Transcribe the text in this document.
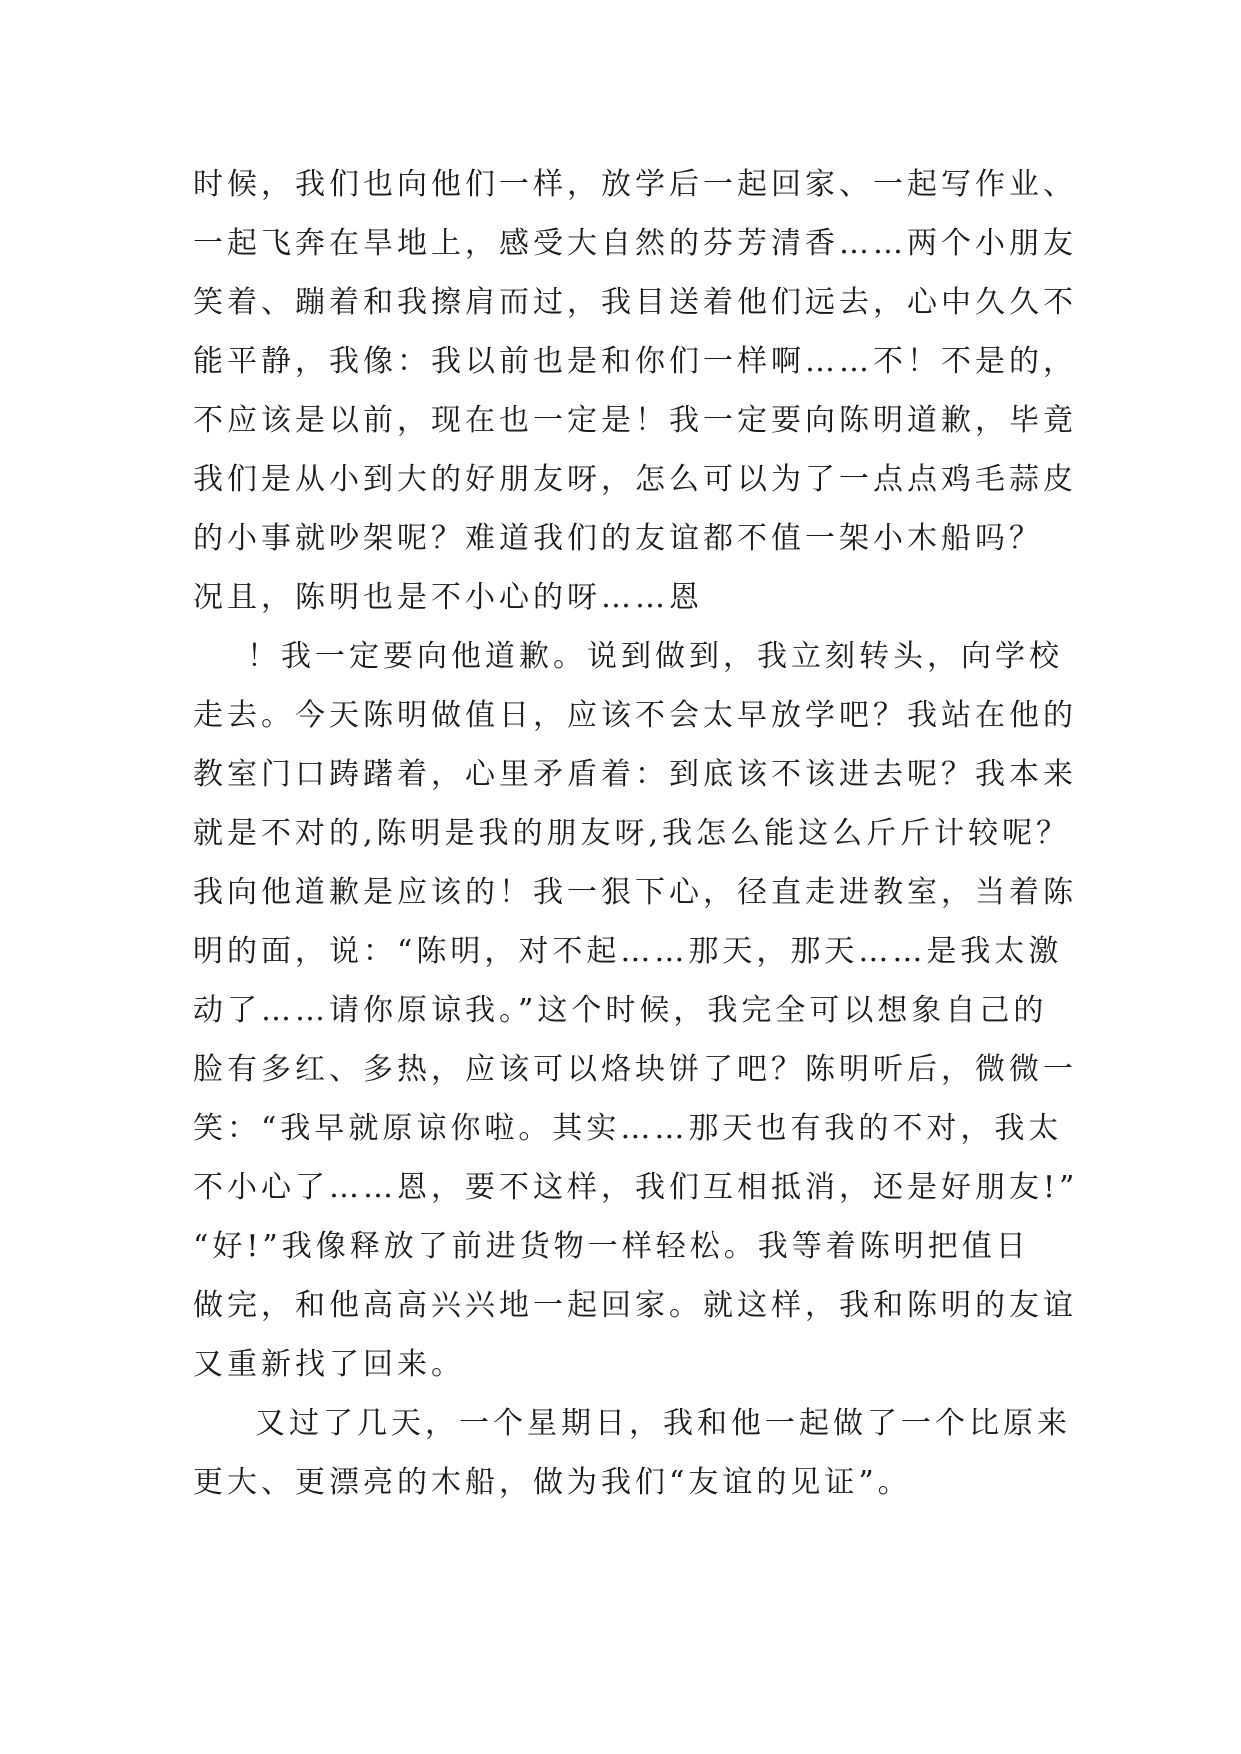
时候，我们也向他们一样，放学后一起回家、一起写作业、
一起飞奔在旱地上，感受大自然的芬芳清香……两个小朋友
笑着、蹦着和我擦肩而过，我目送着他们远去，心中久久不
能平静，我像：我以前也是和你们一样啊……不！不是的，
不应该是以前，现在也一定是！我一定要向陈明道歉，毕竟
我们是从小到大的好朋友呀，怎么可以为了一点点鸡毛蒜皮
的小事就吵架呢？难道我们的友谊都不值一架小木船吗？
况且，陈明也是不小心的呀……恩
！我一定要向他道歉。说到做到，我立刻转头，向学校
走去。今天陈明做值日，应该不会太早放学吧？我站在他的
教室门口踌躇着，心里矛盾着：到底该不该进去呢？我本来
就是不对的,陈明是我的朋友呀,我怎么能这么斤斤计较呢？
我向他道歉是应该的！我一狠下心，径直走进教室，当着陈
明的面，说：“陈明，对不起……那天，那天……是我太激
动了……请你原谅我。”这个时候，我完全可以想象自己的
脸有多红、多热，应该可以烙块饼了吧？陈明听后，微微一
笑：“我早就原谅你啦。其实……那天也有我的不对，我太
不小心了……恩，要不这样，我们互相抵消，还是好朋友!”
“好!”我像释放了前进货物一样轻松。我等着陈明把值日
做完，和他高高兴兴地一起回家。就这样，我和陈明的友谊
又重新找了回来。
又过了几天，一个星期日，我和他一起做了一个比原来
更大、更漂亮的木船，做为我们“友谊的见证”。
